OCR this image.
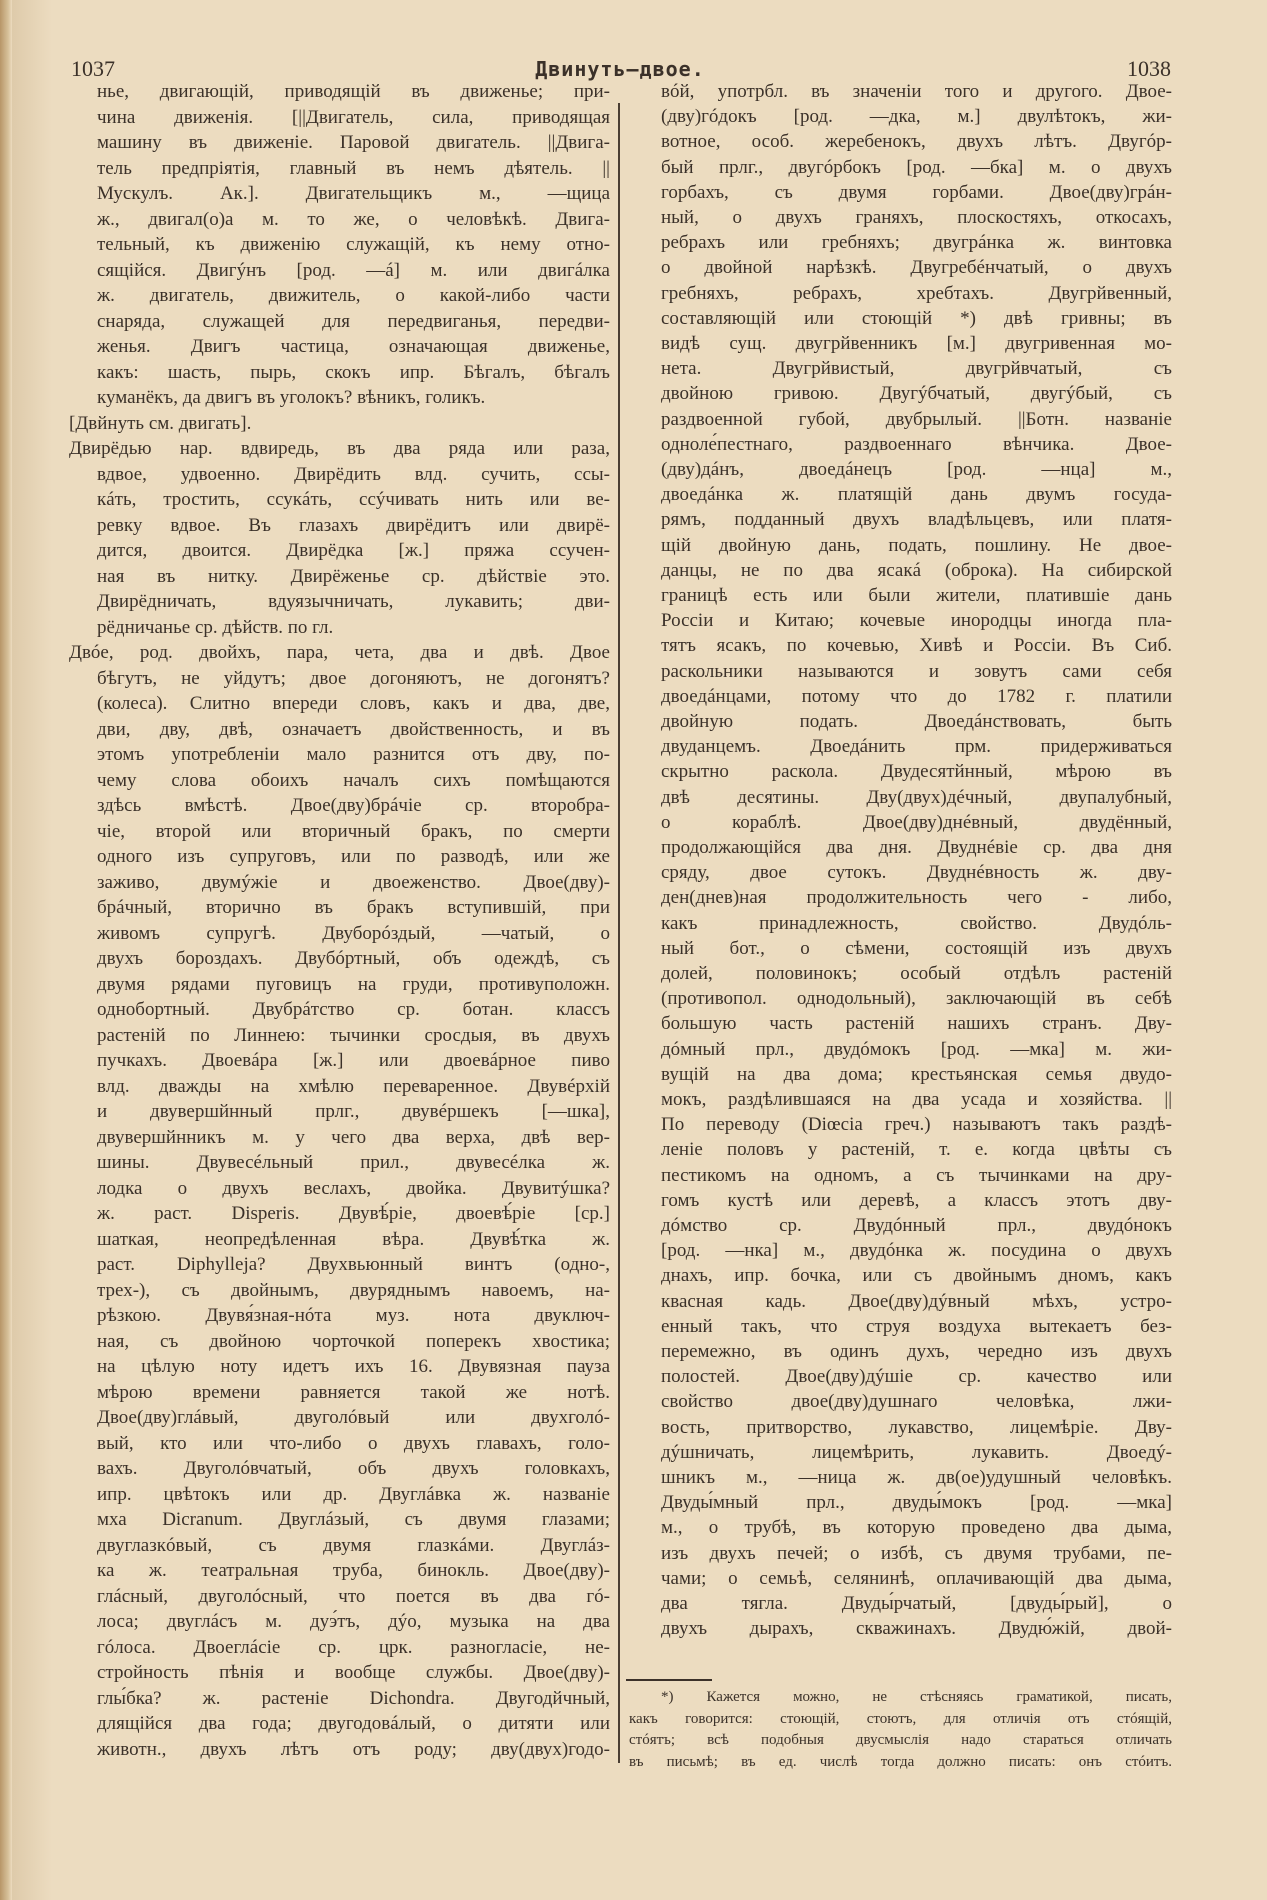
1037	Двинуть—двое.	1038
нье, двигающій, приводящій въ движенье; при-
чина движенія. [||Двигатель, сила, приводящая
машину въ движеніе. Паровой двигатель. ||Двига-
тель предпріятія, главный въ немъ дѣятель. ||
Мускулъ. Ак.]. Двигательщикъ м., —щица
ж., двигал(о)а м. то же, о человѣкѣ. Двига-
тельный, къ движенію служащій, къ нему отно-
сящійся. Двигýнъ [род. —á] м. или двигáлка
ж. двигатель, движитель, о какой-либо части
снаряда, служащей для передвиганья, передви-
женья. Двигъ частица, означающая движенье,
какъ: шасть, пырь, скокъ ипр. Бѣгалъ, бѣгалъ
куманёкъ, да двигъ въ уголокъ? вѣникъ, голикъ.
[Двйнуть см. двигать].
Двирёдью нар. вдвиредь, въ два ряда или раза,
вдвое, удвоенно. Двирёдить влд. сучить, ссы-
кáть, тростить, ссукáть, ссýчивать нить или ве-
ревку вдвое. Въ глазахъ двирёдитъ или двирё-
дится, двоится. Двирёдка [ж.] пряжа ссучен-
ная въ нитку. Двирёженье ср. дѣйствіе это.
Двирёдничать, вдуязычничать, лукавить; дви-
рёдничанье ср. дѣйств. по гл.
Двóе, род. двойхъ, пара, чета, два и двѣ. Двое
бѣгутъ, не уйдутъ; двое догоняютъ, не догонятъ?
(колеса). Слитно впереди словъ, какъ и два, две,
дви, дву, двѣ, означаетъ двойственность, и въ
этомъ употребленіи мало разнится отъ дву, по-
чему слова обоихъ началъ сихъ помѣщаются
здѣсь вмѣстѣ. Двое(дву)брáчіе ср. второбра-
чіе, второй или вторичный бракъ, по смерти
одного изъ супруговъ, или по разводѣ, или же
заживо, двумýжіе и двоеженство. Двое(дву)-
брáчный, вторично въ бракъ вступившій, при
живомъ супругѣ. Двуборóздый, —чатый, о
двухъ бороздахъ. Двубóртный, объ одеждѣ, съ
двумя рядами пуговицъ на груди, противуположн.
однобортный. Двубрáтство ср. ботан. классъ
растеній по Линнею: тычинки сросдыя, въ двухъ
пучкахъ. Двоевáра [ж.] или двоевáрное пиво
влд. дважды на хмѣлю переваренное. Двувéрхій
и двувершйнный прлг., двувéршекъ [—шка],
двувершйнникъ м. у чего два верха, двѣ вер-
шины. Двувесéльный прил., двувесéлка ж.
лодка о двухъ веслахъ, двойка. Двувитýшка?
ж. раст. Disperis. Двувѣ́ріе, двоевѣ́ріе [ср.]
шаткая, неопредѣленная вѣра. Двувѣ́тка ж.
раст. Diphylleja? Двухвьюнный винтъ (одно-,
трех-), съ двойнымъ, двуряднымъ навоемъ, на-
рѣзкою. Двувя́зная-нóта муз. нота двуключ-
ная, съ двойною чорточкой поперекъ хвостика;
на цѣлую ноту идетъ ихъ 16. Двувязная пауза
мѣрою времени равняется такой же нотѣ.
Двое(дву)глáвый, двуголóвый или двухголó-
вый, кто или что-либо о двухъ главахъ, голо-
вахъ. Двуголóвчатый, объ двухъ головкахъ,
ипр. цвѣтокъ или др. Двуглáвка ж. названіе
мха Dicranum. Двуглáзый, съ двумя глазами;
двуглазкóвый, съ двумя глазкáми. Двуглáз-
ка ж. театральная труба, бинокль. Двое(дву)-
глáсный, двуголóсный, что поется въ два гó-
лоса; двуглáсъ м. дуэ́тъ, дýо, музыка на два
гóлоса. Двоеглáсіе ср. црк. разногласіе, не-
стройность пѣнія и вообще службы. Двое(дву)-
глы́бка? ж. растеніе Dichondra. Двугодйчный,
длящійся два года; двугодовáлый, о дитяти или
животн., двухъ лѣтъ отъ роду; дву(двух)годо-
вóй, употрбл. въ значеніи того и другого. Двое-
(дву)гóдокъ [род. —дка, м.] двулѣтокъ, жи-
вотное, особ. жеребенокъ, двухъ лѣтъ. Двугóр-
бый прлг., двугóрбокъ [род. —бка] м. о двухъ
горбахъ, съ двумя горбами. Двое(дву)грáн-
ный, о двухъ граняхъ, плоскостяхъ, откосахъ,
ребрахъ или гребняхъ; двугрáнка ж. винтовка
о двойной нарѣзкѣ. Двугребéнчатый, о двухъ
гребняхъ, ребрахъ, хребтахъ. Двугрйвенный,
составляющій или стоющій *) двѣ гривны; въ
видѣ сущ. двугрйвенникъ [м.] двугривенная мо-
нета. Двугрйвистый, двугрйвчатый, съ
двойною гривою. Двугýбчатый, двугýбый, съ
раздвоенной губой, двубрылый. ||Ботн. названіе
одноле́пестнаго, раздвоеннаго вѣнчика. Двое-
(дву)дáнъ, двоедáнецъ [род. —нца] м.,
двоедáнка ж. платящій дань двумъ госуда-
рямъ, подданный двухъ владѣльцевъ, или платя-
щій двойную дань, подать, пошлину. Не двое-
данцы, не по два ясакá (оброка). На сибирской
границѣ есть или были жители, платившіе дань
Россіи и Китаю; кочевые инородцы иногда пла-
тятъ ясакъ, по кочевью, Хивѣ и Россіи. Въ Сиб.
раскольники называются и зовутъ сами себя
двоедáнцами, потому что до 1782 г. платили
двойную подать. Двоедáнствовать, быть
двуданцемъ. Двоедáнить прм. придерживаться
скрытно раскола. Двудесятйнный, мѣрою въ
двѣ десятины. Дву(двух)дéчный, двупалубный,
о кораблѣ. Двое(дву)днéвный, двудённый,
продолжающійся два дня. Двуднéвіе ср. два дня
сряду, двое сутокъ. Двуднéвность ж. дву-
ден(днев)ная продолжительность чего - либо,
какъ принадлежность, свойство. Двудóль-
ный бот., о сѣмени, состоящій изъ двухъ
долей, половинокъ; особый отдѣлъ растеній
(противопол. однодольный), заключающій въ себѣ
большую часть растеній нашихъ странъ. Дву-
дóмный прл., двудóмокъ [род. —мка] м. жи-
вущій на два дома; крестьянская семья двудо-
мокъ, раздѣлившаяся на два усада и хозяйства. ||
По переводу (Diœcia греч.) называютъ такъ раздѣ-
леніе половъ у растеній, т. е. когда цвѣты съ
пестикомъ на одномъ, а съ тычинками на дру-
гомъ кустѣ или деревѣ, а классъ этотъ дву-
дóмство ср. Двудóнный прл., двудóнокъ
[род. —нка] м., двудóнка ж. посудина о двухъ
днахъ, ипр. бочка, или съ двойнымъ дномъ, какъ
квасная кадь. Двое(дву)дýвный мѣхъ, устро-
енный такъ, что струя воздуха вытекаетъ без-
перемежно, въ одинъ духъ, чередно изъ двухъ
полостей. Двое(дву)дýшіе ср. качество или
свойство двое(дву)душнаго человѣка, лжи-
вость, притворство, лукавство, лицемѣріе. Дву-
дýшничать, лицемѣрить, лукавить. Двоедý-
шникъ м., —ница ж. дв(ое)удушный человѣкъ.
Двуды́мный прл., двуды́мокъ [род. —мка]
м., о трубѣ, въ которую проведено два дыма,
изъ двухъ печей; о избѣ, съ двумя трубами, пе-
чами; о семьѣ, селянинѣ, оплачивающій два дыма,
два тягла. Двуды́рчатый, [двуды́рый], о
двухъ дырахъ, скважинахъ. Двудю́жій, двой-
*) Кажется можно, не стѣсняясь граматикой, писать,
какъ говорится: стоющій, стоютъ, для отличія отъ стóящій,
стóятъ; всѣ подобныя двусмыслія надо стараться отличать
въ письмѣ; въ ед. числѣ тогда должно писать: онъ стóитъ.
